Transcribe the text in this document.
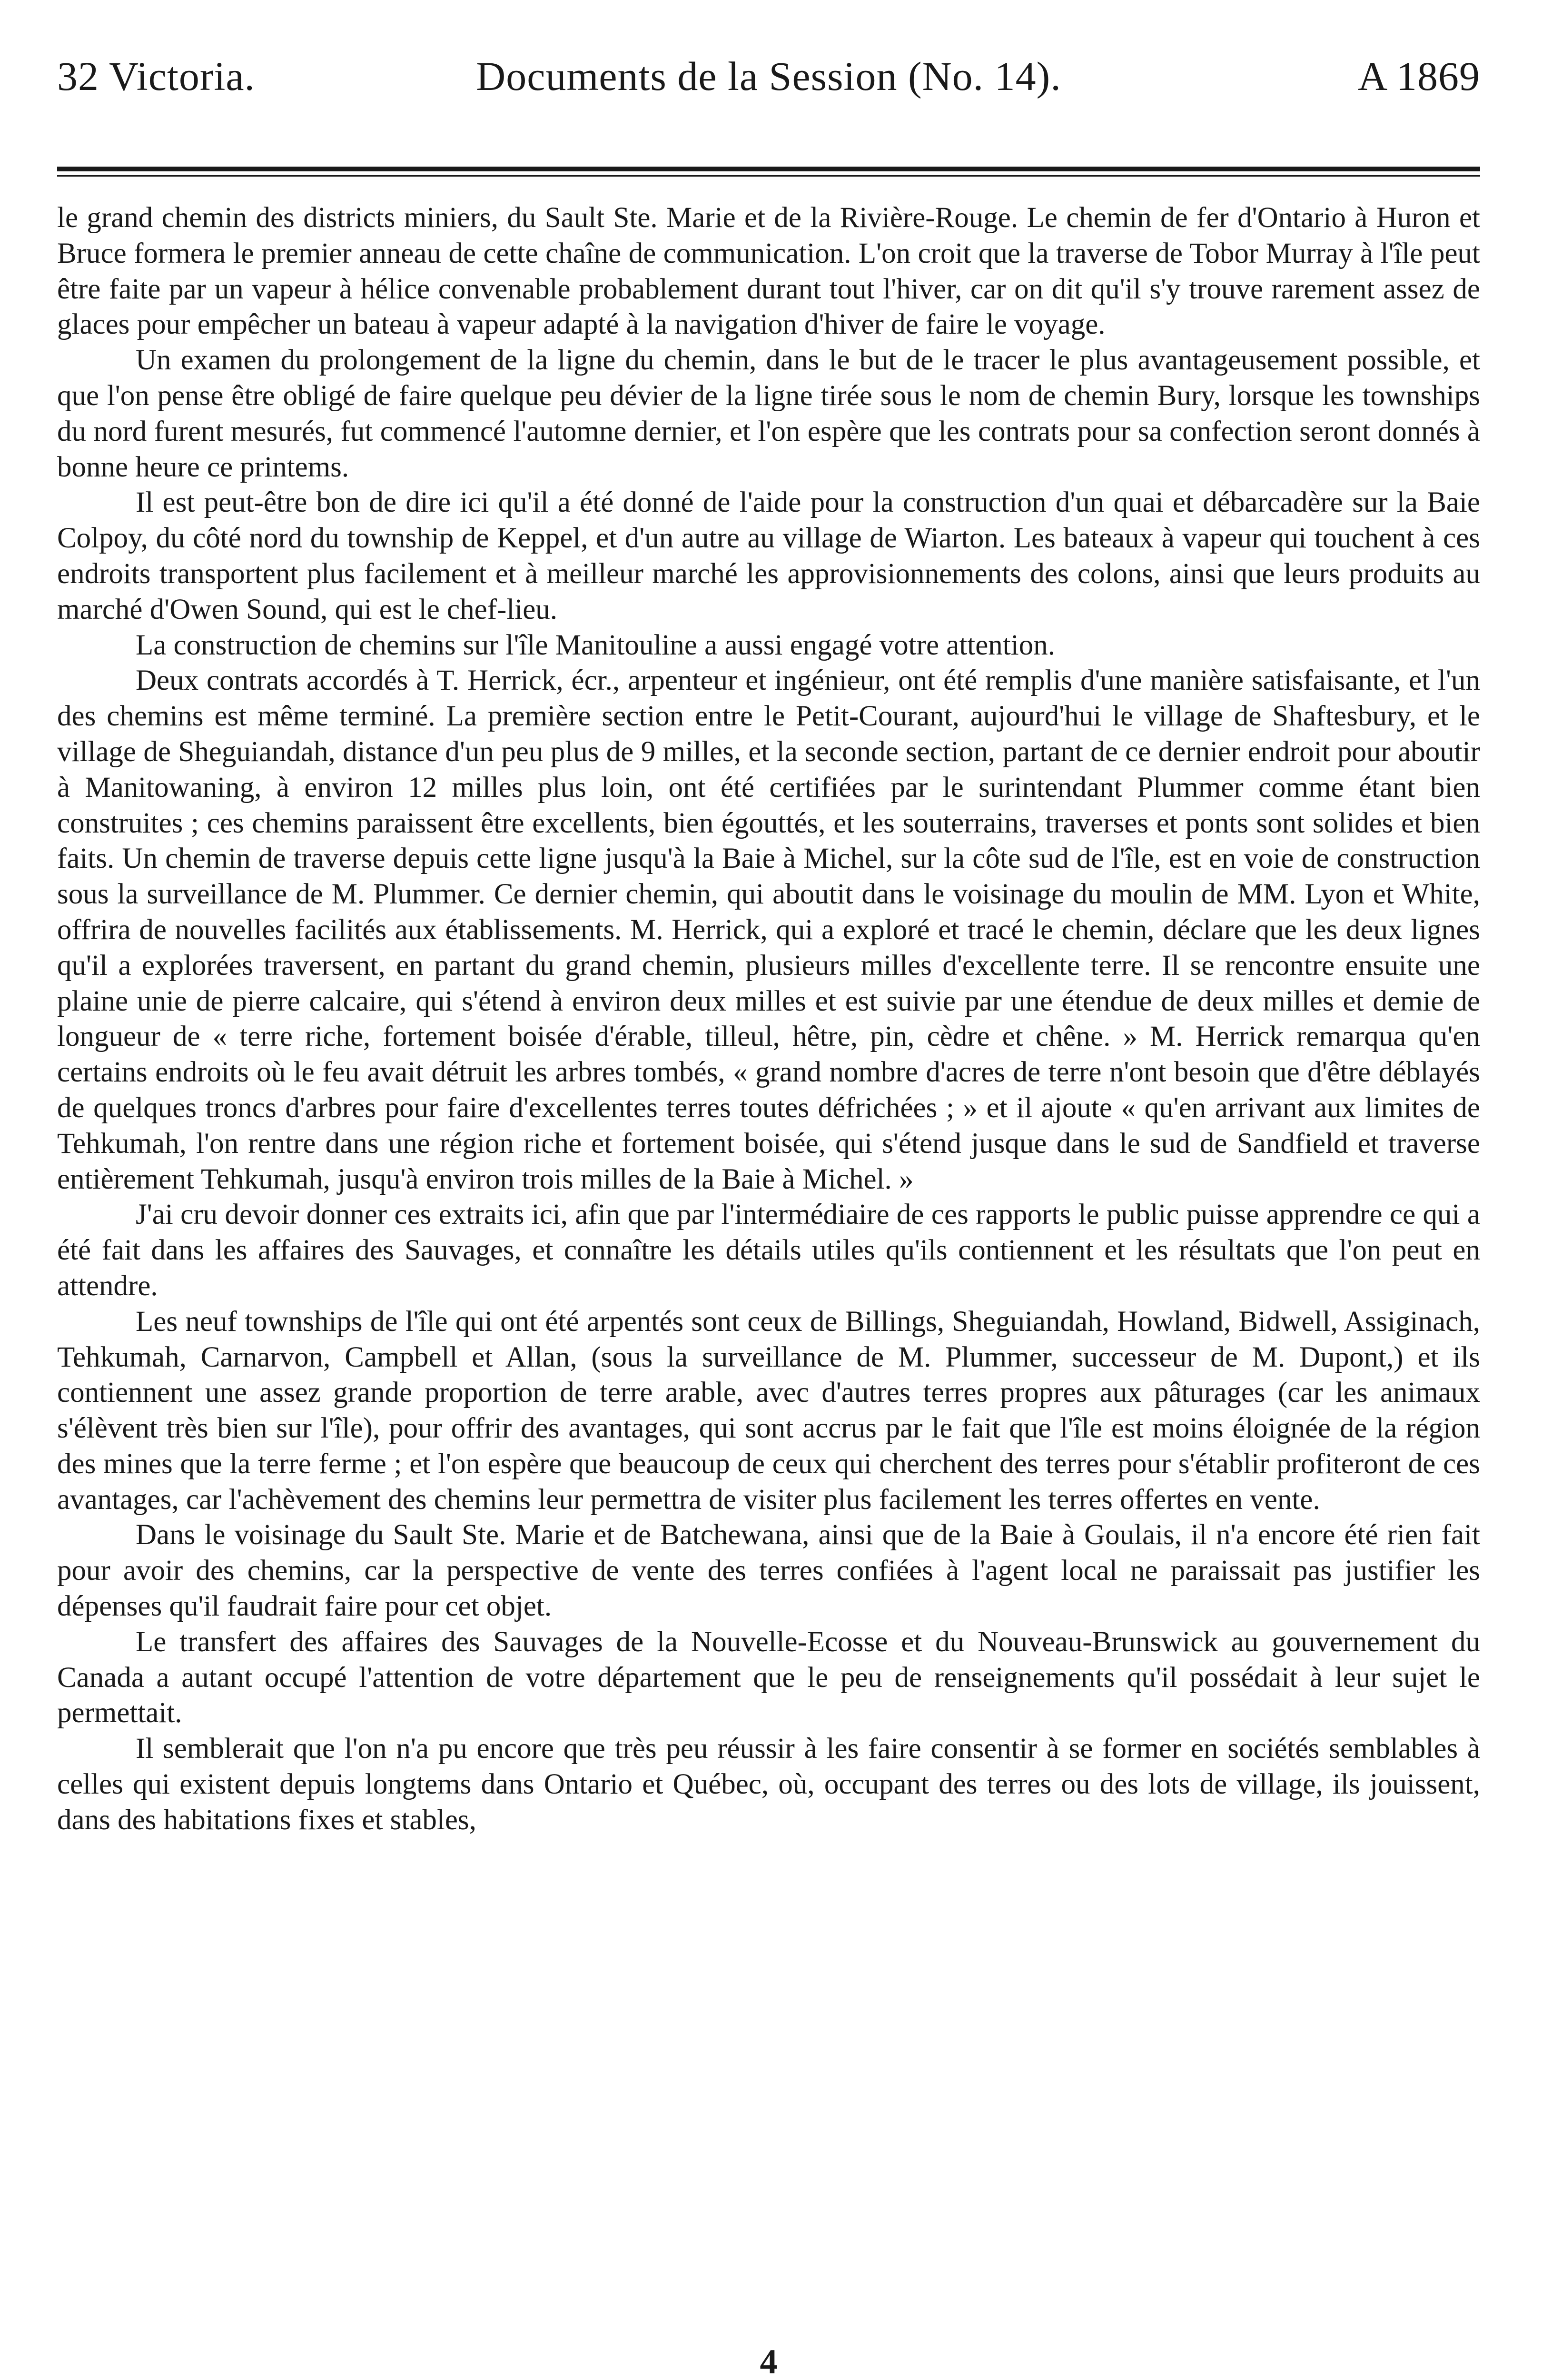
32 Victoria.	Documents de la Session (No. 14).	A 1869

le grand chemin des districts miniers, du Sault Ste. Marie et de la Rivière-Rouge. Le chemin de fer d'Ontario à Huron et Bruce formera le premier anneau de cette chaîne de communication. L'on croit que la traverse de Tobor Murray à l'île peut être faite par un vapeur à hélice convenable probablement durant tout l'hiver, car on dit qu'il s'y trouve rarement assez de glaces pour empêcher un bateau à vapeur adapté à la navigation d'hiver de faire le voyage.

Un examen du prolongement de la ligne du chemin, dans le but de le tracer le plus avantageusement possible, et que l'on pense être obligé de faire quelque peu dévier de la ligne tirée sous le nom de chemin Bury, lorsque les townships du nord furent mesurés, fut commencé l'automne dernier, et l'on espère que les contrats pour sa confection seront donnés à bonne heure ce printems.

Il est peut-être bon de dire ici qu'il a été donné de l'aide pour la construction d'un quai et débarcadère sur la Baie Colpoy, du côté nord du township de Keppel, et d'un autre au village de Wiarton. Les bateaux à vapeur qui touchent à ces endroits transportent plus facilement et à meilleur marché les approvisionnements des colons, ainsi que leurs produits au marché d'Owen Sound, qui est le chef-lieu.

La construction de chemins sur l'île Manitouline a aussi engagé votre attention.

Deux contrats accordés à T. Herrick, écr., arpenteur et ingénieur, ont été remplis d'une manière satisfaisante, et l'un des chemins est même terminé. La première section entre le Petit-Courant, aujourd'hui le village de Shaftesbury, et le village de Sheguiandah, distance d'un peu plus de 9 milles, et la seconde section, partant de ce dernier endroit pour aboutir à Manitowaning, à environ 12 milles plus loin, ont été certifiées par le surintendant Plummer comme étant bien construites ; ces chemins paraissent être excellents, bien égouttés, et les souterrains, traverses et ponts sont solides et bien faits. Un chemin de traverse depuis cette ligne jusqu'à la Baie à Michel, sur la côte sud de l'île, est en voie de construction sous la surveillance de M. Plummer. Ce dernier chemin, qui aboutit dans le voisinage du moulin de MM. Lyon et White, offrira de nouvelles facilités aux établissements. M. Herrick, qui a exploré et tracé le chemin, déclare que les deux lignes qu'il a explorées traversent, en partant du grand chemin, plusieurs milles d'excellente terre. Il se rencontre ensuite une plaine unie de pierre calcaire, qui s'étend à environ deux milles et est suivie par une étendue de deux milles et demie de longueur de « terre riche, fortement boisée d'érable, tilleul, hêtre, pin, cèdre et chêne. » M. Herrick remarqua qu'en certains endroits où le feu avait détruit les arbres tombés, « grand nombre d'acres de terre n'ont besoin que d'être déblayés de quelques troncs d'arbres pour faire d'excellentes terres toutes défrichées ; » et il ajoute « qu'en arrivant aux limites de Tehkumah, l'on rentre dans une région riche et fortement boisée, qui s'étend jusque dans le sud de Sandfield et traverse entièrement Tehkumah, jusqu'à environ trois milles de la Baie à Michel. »

J'ai cru devoir donner ces extraits ici, afin que par l'intermédiaire de ces rapports le public puisse apprendre ce qui a été fait dans les affaires des Sauvages, et connaître les détails utiles qu'ils contiennent et les résultats que l'on peut en attendre.

Les neuf townships de l'île qui ont été arpentés sont ceux de Billings, Sheguiandah, Howland, Bidwell, Assiginach, Tehkumah, Carnarvon, Campbell et Allan, (sous la surveillance de M. Plummer, successeur de M. Dupont,) et ils contiennent une assez grande proportion de terre arable, avec d'autres terres propres aux pâturages (car les animaux s'élèvent très bien sur l'île), pour offrir des avantages, qui sont accrus par le fait que l'île est moins éloignée de la région des mines que la terre ferme ; et l'on espère que beaucoup de ceux qui cherchent des terres pour s'établir profiteront de ces avantages, car l'achèvement des chemins leur permettra de visiter plus facilement les terres offertes en vente.

Dans le voisinage du Sault Ste. Marie et de Batchewana, ainsi que de la Baie à Goulais, il n'a encore été rien fait pour avoir des chemins, car la perspective de vente des terres confiées à l'agent local ne paraissait pas justifier les dépenses qu'il faudrait faire pour cet objet.

Le transfert des affaires des Sauvages de la Nouvelle-Ecosse et du Nouveau-Brunswick au gouvernement du Canada a autant occupé l'attention de votre département que le peu de renseignements qu'il possédait à leur sujet le permettait.

Il semblerait que l'on n'a pu encore que très peu réussir à les faire consentir à se former en sociétés semblables à celles qui existent depuis longtems dans Ontario et Québec, où, occupant des terres ou des lots de village, ils jouissent, dans des habitations fixes et stables,

4
